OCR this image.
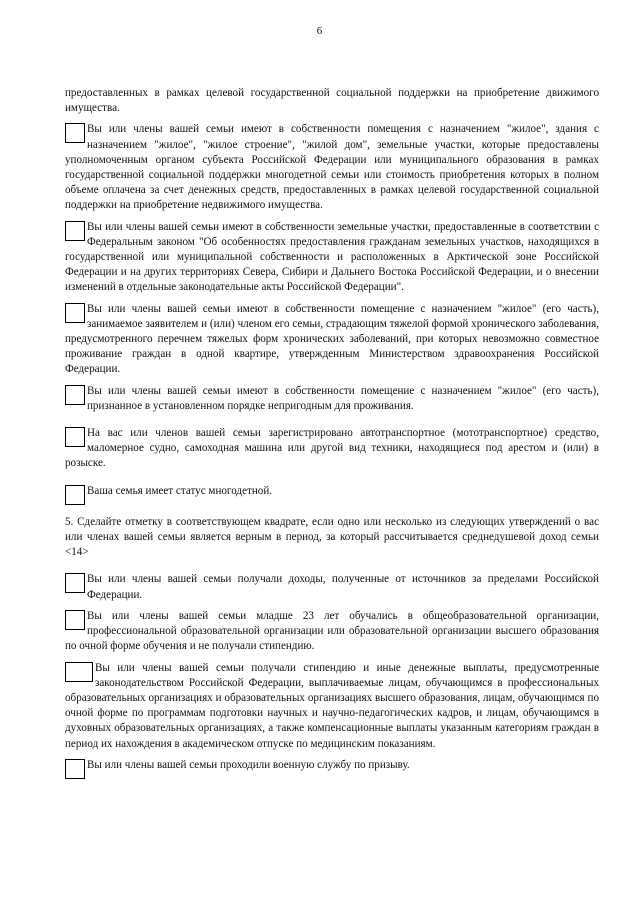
6

предоставленных в рамках целевой государственной социальной поддержки на приобретение движимого имущества.

Вы или члены вашей семьи имеют в собственности помещения с назначением "жилое", здания с назначением "жилое", "жилое строение", "жилой дом", земельные участки, которые предоставлены уполномоченным органом субъекта Российской Федерации или муниципального образования в рамках государственной социальной поддержки многодетной семьи или стоимость приобретения которых в полном объеме оплачена за счет денежных средств, предоставленных в рамках целевой государственной социальной поддержки на приобретение недвижимого имущества.
Вы или члены вашей семьи имеют в собственности земельные участки, предоставленные в соответствии с Федеральным законом "Об особенностях предоставления гражданам земельных участков, находящихся в государственной или муниципальной собственности и расположенных в Арктической зоне Российской Федерации и на других территориях Севера, Сибири и Дальнего Востока Российской Федерации, и о внесении изменений в отдельные законодательные акты Российской Федерации".
Вы или члены вашей семьи имеют в собственности помещение с назначением "жилое" (его часть), занимаемое заявителем и (или) членом его семьи, страдающим тяжелой формой хронического заболевания, предусмотренного перечнем тяжелых форм хронических заболеваний, при которых невозможно совместное проживание граждан в одной квартире, утвержденным Министерством здравоохранения Российской Федерации.
Вы или члены вашей семьи имеют в собственности помещение с назначением "жилое" (его часть), признанное в установленном порядке непригодным для проживания.
На вас или членов вашей семьи зарегистрировано автотранспортное (мототранспортное) средство, маломерное судно, самоходная машина или другой вид техники, находящиеся под арестом и (или) в розыске.
Ваша семья имеет статус многодетной.

5. Сделайте отметку в соответствующем квадрате, если одно или несколько из следующих утверждений о вас или членах вашей семьи является верным в период, за который рассчитывается среднедушевой доход семьи <14>

Вы или члены вашей семьи получали доходы, полученные от источников за пределами Российской Федерации.
Вы или члены вашей семьи младше 23 лет обучались в общеобразовательной организации, профессиональной образовательной организации или образовательной организации высшего образования по очной форме обучения и не получали стипендию.
Вы или члены вашей семьи получали стипендию и иные денежные выплаты, предусмотренные законодательством Российской Федерации, выплачиваемые лицам, обучающимся в профессиональных образовательных организациях и образовательных организациях высшего образования, лицам, обучающимся по очной форме по программам подготовки научных и научно-педагогических кадров, и лицам, обучающимся в духовных образовательных организациях, а также компенсационные выплаты указанным категориям граждан в период их нахождения в академическом отпуске по медицинским показаниям.
Вы или члены вашей семьи проходили военную службу по призыву.
